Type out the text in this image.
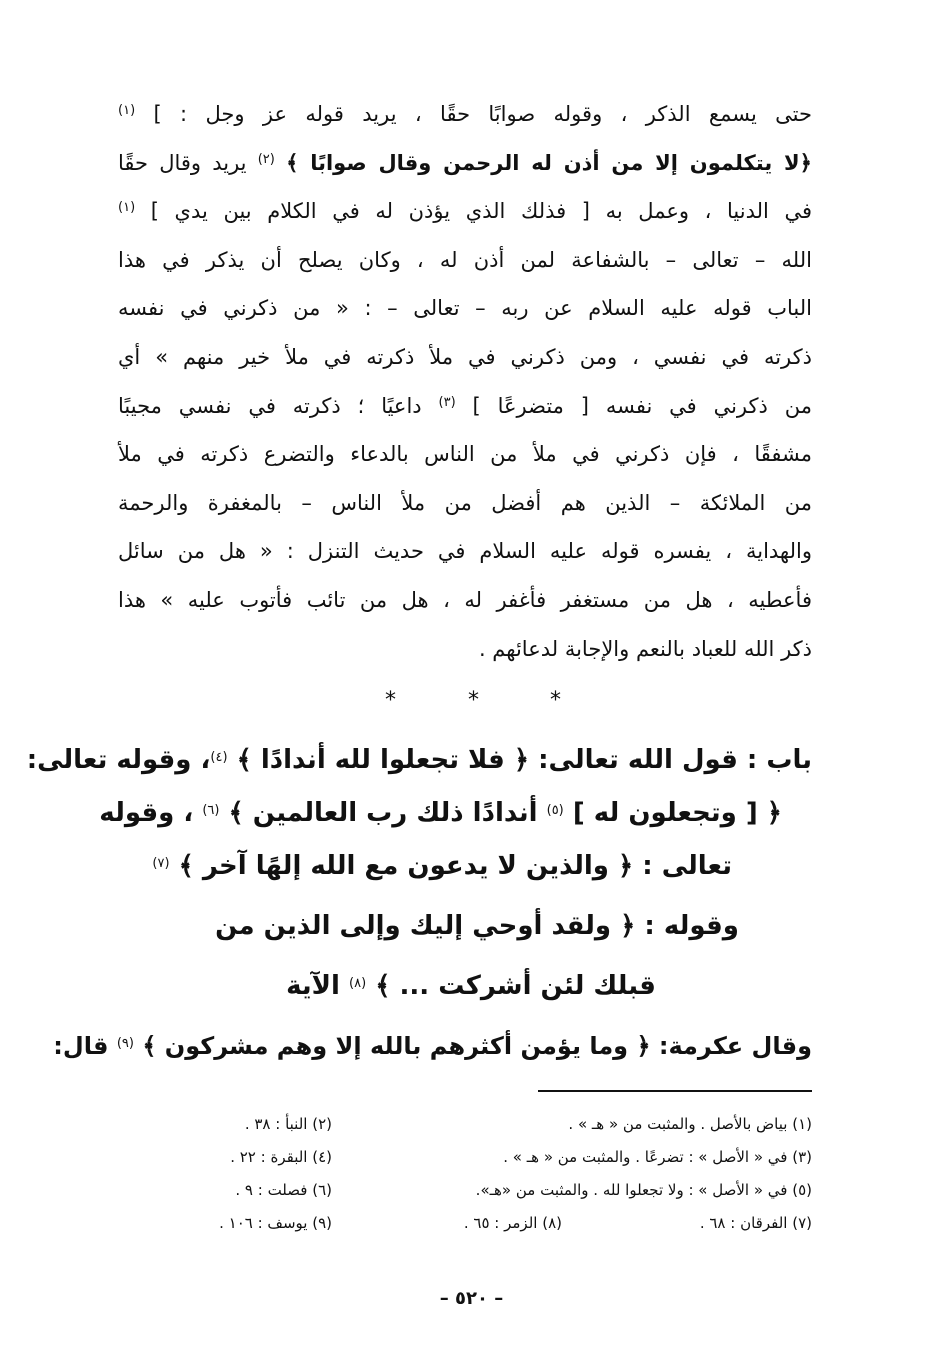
حتى يسمع الذكر ، وقوله صوابًا حقًا ، يريد قوله عز وجل : ] $^{(١)}$
﴿لا يتكلمون إلا من أذن له الرحمن وقال صوابًا ﴾ $^{(٢)}$ يريد وقال حقًا
في الدنيا ، وعمل به [ فذلك الذي يؤذن له في الكلام بين يدي ] $^{(١)}$
الله – تعالى – بالشفاعة لمن أذن له ، وكان يصلح أن يذكر في هذا
الباب قوله عليه السلام عن ربه – تعالى – : « من ذكرني في نفسه
ذكرته في نفسي ، ومن ذكرني في ملأ ذكرته في ملأ خير منهم » أي
من ذكرني في نفسه [ متضرعًا ] $^{(٣)}$ داعيًا ؛ ذكرته في نفسي مجيبًا
مشفقًا ، فإن ذكرني في ملأ من الناس بالدعاء والتضرع ذكرته في ملأ
من الملائكة – الذين هم أفضل من ملأ الناس – بالمغفرة والرحمة
والهداية ، يفسره قوله عليه السلام في حديث التنزل : « هل من سائل
فأعطيه ، هل من مستغفر فأغفر له ، هل من تائب فأتوب عليه » هذا
ذكر الله للعباد بالنعم والإجابة لدعائهم .
*	*	*
باب : قول الله تعالى: ﴿ فلا تجعلوا لله أندادًا ﴾ $^{(٤)}$، وقوله تعالى:
﴿ [ وتجعلون له ] $^{(٥)}$ أندادًا ذلك رب العالمين ﴾ $^{(٦)}$ ، وقوله
تعالى : ﴿ والذين لا يدعون مع الله إلهًا آخر ﴾ $^{(٧)}$
وقوله : ﴿ ولقد أوحي إليك وإلى الذين من
قبلك لئن أشركت ... ﴾ $^{(٨)}$ الآية
وقال عكرمة: ﴿ وما يؤمن أكثرهم بالله إلا وهم مشركون ﴾ $^{(٩)}$ قال:
(١) بياض بالأصل . والمثبت من « هـ » .
(٢) النبأ : ٣٨ .
(٣) في « الأصل » : تضرعًا . والمثبت من « هـ » .
(٤) البقرة : ٢٢ .
(٥) في « الأصل » : ولا تجعلوا لله . والمثبت من «هـ».
(٦) فصلت : ٩ .
(٧) الفرقان : ٦٨ .
(٨) الزمر : ٦٥ .
(٩) يوسف : ١٠٦ .
– ٥٢٠ –
